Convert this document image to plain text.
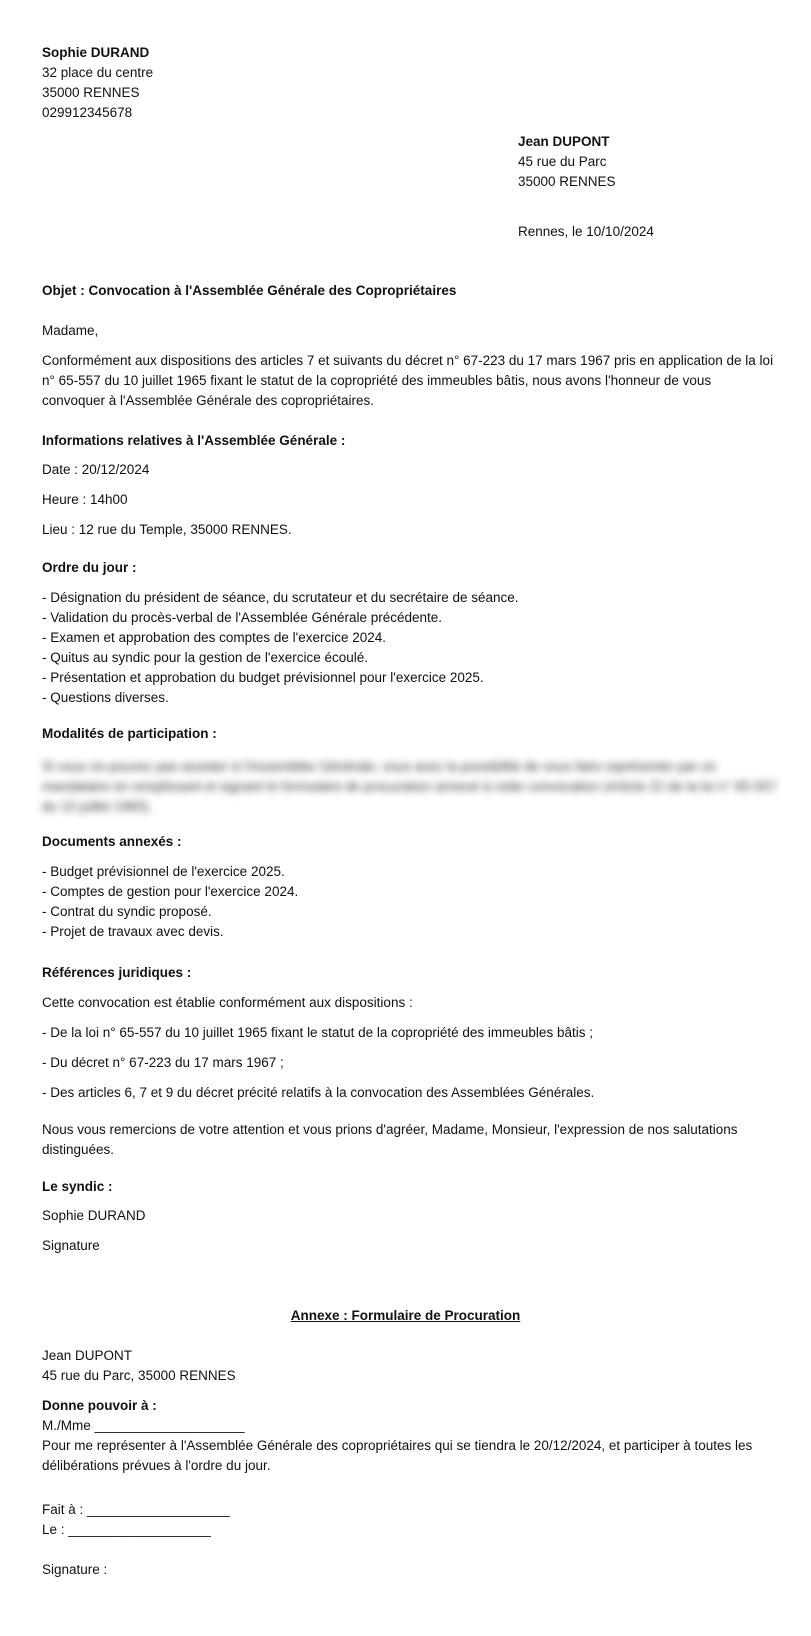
Sophie DURAND
32 place du centre
35000 RENNES
029912345678
Jean DUPONT
45 rue du Parc
35000 RENNES
Rennes, le 10/10/2024
Objet : Convocation à l'Assemblée Générale des Copropriétaires
Madame,

Conformément aux dispositions des articles 7 et suivants du décret n° 67-223 du 17 mars 1967 pris en application de la loi n° 65-557 du 10 juillet 1965 fixant le statut de la copropriété des immeubles bâtis, nous avons l'honneur de vous convoquer à l'Assemblée Générale des copropriétaires.

Informations relatives à l'Assemblée Générale :
Date : 20/12/2024
Heure : 14h00
Lieu : 12 rue du Temple, 35000 RENNES.
Ordre du jour :
- Désignation du président de séance, du scrutateur et du secrétaire de séance.
- Validation du procès-verbal de l'Assemblée Générale précédente.
- Examen et approbation des comptes de l'exercice 2024.
- Quitus au syndic pour la gestion de l'exercice écoulé.
- Présentation et approbation du budget prévisionnel pour l'exercice 2025.
- Questions diverses.
Modalités de participation :

Si vous ne pouvez pas assister à l'Assemblée Générale, vous avez la possibilité de vous faire représenter par un mandataire en remplissant et signant le formulaire de procuration annexé à cette convocation (Article 22 de la loi n° 65-557 du 10 juillet 1965).

Documents annexés :
- Budget prévisionnel de l'exercice 2025.
- Comptes de gestion pour l'exercice 2024.
- Contrat du syndic proposé.
- Projet de travaux avec devis.
Références juridiques :
Cette convocation est établie conformément aux dispositions :
- De la loi n° 65-557 du 10 juillet 1965 fixant le statut de la copropriété des immeubles bâtis ;
- Du décret n° 67-223 du 17 mars 1967 ;
- Des articles 6, 7 et 9 du décret précité relatifs à la convocation des Assemblées Générales.

Nous vous remercions de votre attention et vous prions d'agréer, Madame, Monsieur, l'expression de nos salutations distinguées.

Le syndic :
Sophie DURAND
Signature
Annexe : Formulaire de Procuration
Jean DUPONT
45 rue du Parc, 35000 RENNES
Donne pouvoir à :
M./Mme ____________________

Pour me représenter à l'Assemblée Générale des copropriétaires qui se tiendra le 20/12/2024, et participer à toutes les délibérations prévues à l'ordre du jour.

Fait à : ___________________
Le : ___________________
Signature :
